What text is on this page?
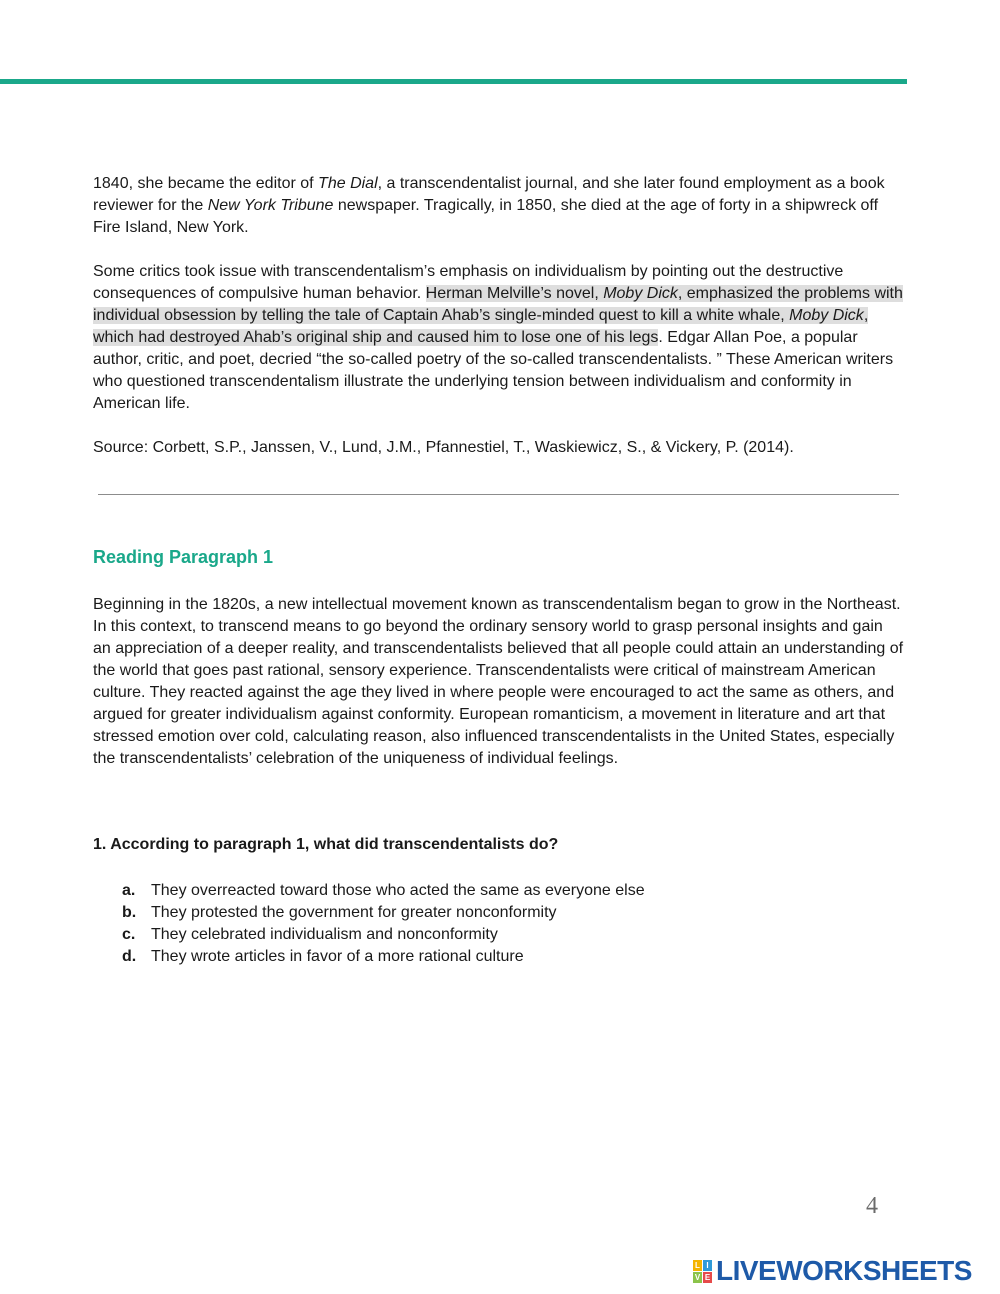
1840, she became the editor of The Dial, a transcendentalist journal, and she later found employment as a book reviewer for the New York Tribune newspaper. Tragically, in 1850, she died at the age of forty in a shipwreck off Fire Island, New York.

Some critics took issue with transcendentalism’s emphasis on individualism by pointing out the destructive consequences of compulsive human behavior. Herman Melville’s novel, Moby Dick, emphasized the problems with individual obsession by telling the tale of Captain Ahab’s single-minded quest to kill a white whale, Moby Dick, which had destroyed Ahab’s original ship and caused him to lose one of his legs. Edgar Allan Poe, a popular author, critic, and poet, decried “the so-called poetry of the so-called transcendentalists. ” These American writers who questioned transcendentalism illustrate the underlying tension between individualism and conformity in American life.

Source: Corbett, S.P., Janssen, V., Lund, J.M., Pfannestiel, T., Waskiewicz, S., & Vickery, P. (2014).

Reading Paragraph 1

Beginning in the 1820s, a new intellectual movement known as transcendentalism began to grow in the Northeast. In this context, to transcend means to go beyond the ordinary sensory world to grasp personal insights and gain an appreciation of a deeper reality, and transcendentalists believed that all people could attain an understanding of the world that goes past rational, sensory experience. Transcendentalists were critical of mainstream American culture. They reacted against the age they lived in where people were encouraged to act the same as others, and argued for greater individualism against conformity. European romanticism, a movement in literature and art that stressed emotion over cold, calculating reason, also influenced transcendentalists in the United States, especially the transcendentalists’ celebration of the uniqueness of individual feelings.

1. According to paragraph 1, what did transcendentalists do?

a. They overreacted toward those who acted the same as everyone else
b. They protested the government for greater nonconformity
c. They celebrated individualism and nonconformity
d. They wrote articles in favor of a more rational culture
4
L I
V E LIVEWORKSHEETS
